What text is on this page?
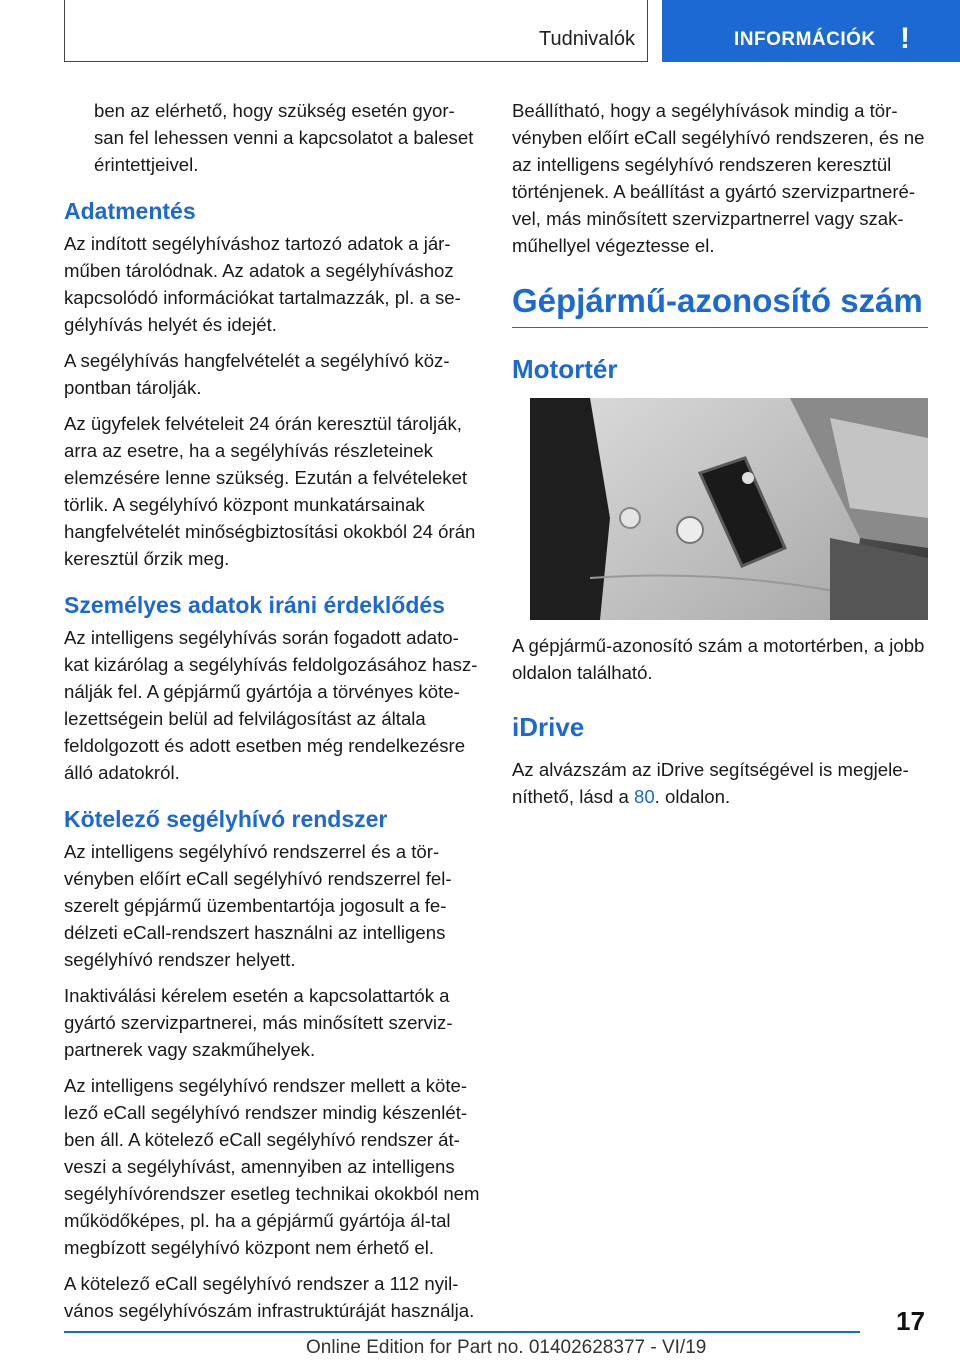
Tudnivalók	INFORMÁCIÓK !

ben az elérhető, hogy szükség esetén gyor-san fel lehessen venni a kapcsolatot a baleset érintettjeivel.

Adatmentés

Az indított segélyhíváshoz tartozó adatok a jár-műben tárolódnak. Az adatok a segélyhíváshoz kapcsolódó információkat tartalmazzák, pl. a se-gélyhívás helyét és idejét.

A segélyhívás hangfelvételét a segélyhívó köz-pontban tárolják.

Az ügyfelek felvételeit 24 órán keresztül tárolják, arra az esetre, ha a segélyhívás részleteinek elemzésére lenne szükség. Ezután a felvételeket törlik. A segélyhívó központ munkatársainak hangfelvételét minőségbiztosítási okokból 24 órán keresztül őrzik meg.

Személyes adatok iráni érdeklődés

Az intelligens segélyhívás során fogadott adato-kat kizárólag a segélyhívás feldolgozásához hasz-nálják fel. A gépjármű gyártója a törvényes köte-lezettségein belül ad felvilágosítást az általa feldolgozott és adott esetben még rendelkezésre álló adatokról.

Kötelező segélyhívó rendszer

Az intelligens segélyhívó rendszerrel és a tör-vényben előírt eCall segélyhívó rendszerrel fel-szerelt gépjármű üzembentartója jogosult a fe-délzeti eCall-rendszert használni az intelligens segélyhívó rendszer helyett.

Inaktiválási kérelem esetén a kapcsolattartók a gyártó szervizpartnerei, más minősített szerviz-partnerek vagy szakműhelyek.

Az intelligens segélyhívó rendszer mellett a köte-lező eCall segélyhívó rendszer mindig készenlét-ben áll. A kötelező eCall segélyhívó rendszer át-veszi a segélyhívást, amennyiben az intelligens segélyhívórendszer esetleg technikai okokból nem működőképes, pl. ha a gépjármű gyártója ál-tal megbízott segélyhívó központ nem érhető el.

A kötelező eCall segélyhívó rendszer a 112 nyil-vános segélyhívószám infrastruktúráját használja.

Beállítható, hogy a segélyhívások mindig a tör-vényben előírt eCall segélyhívó rendszeren, és ne az intelligens segélyhívó rendszeren keresztül történjenek. A beállítást a gyártó szervizpartneré-vel, más minősített szervizpartnerrel vagy szak-műhellyel végeztesse el.

Gépjármű-azonosító szám
Motortér

A gépjármű-azonosító szám a motortérben, a jobb oldalon található.

iDrive

Az alvázszám az iDrive segítségével is megjele-níthető, lásd a 80. oldalon.

17
Online Edition for Part no. 01402628377 - VI/19
